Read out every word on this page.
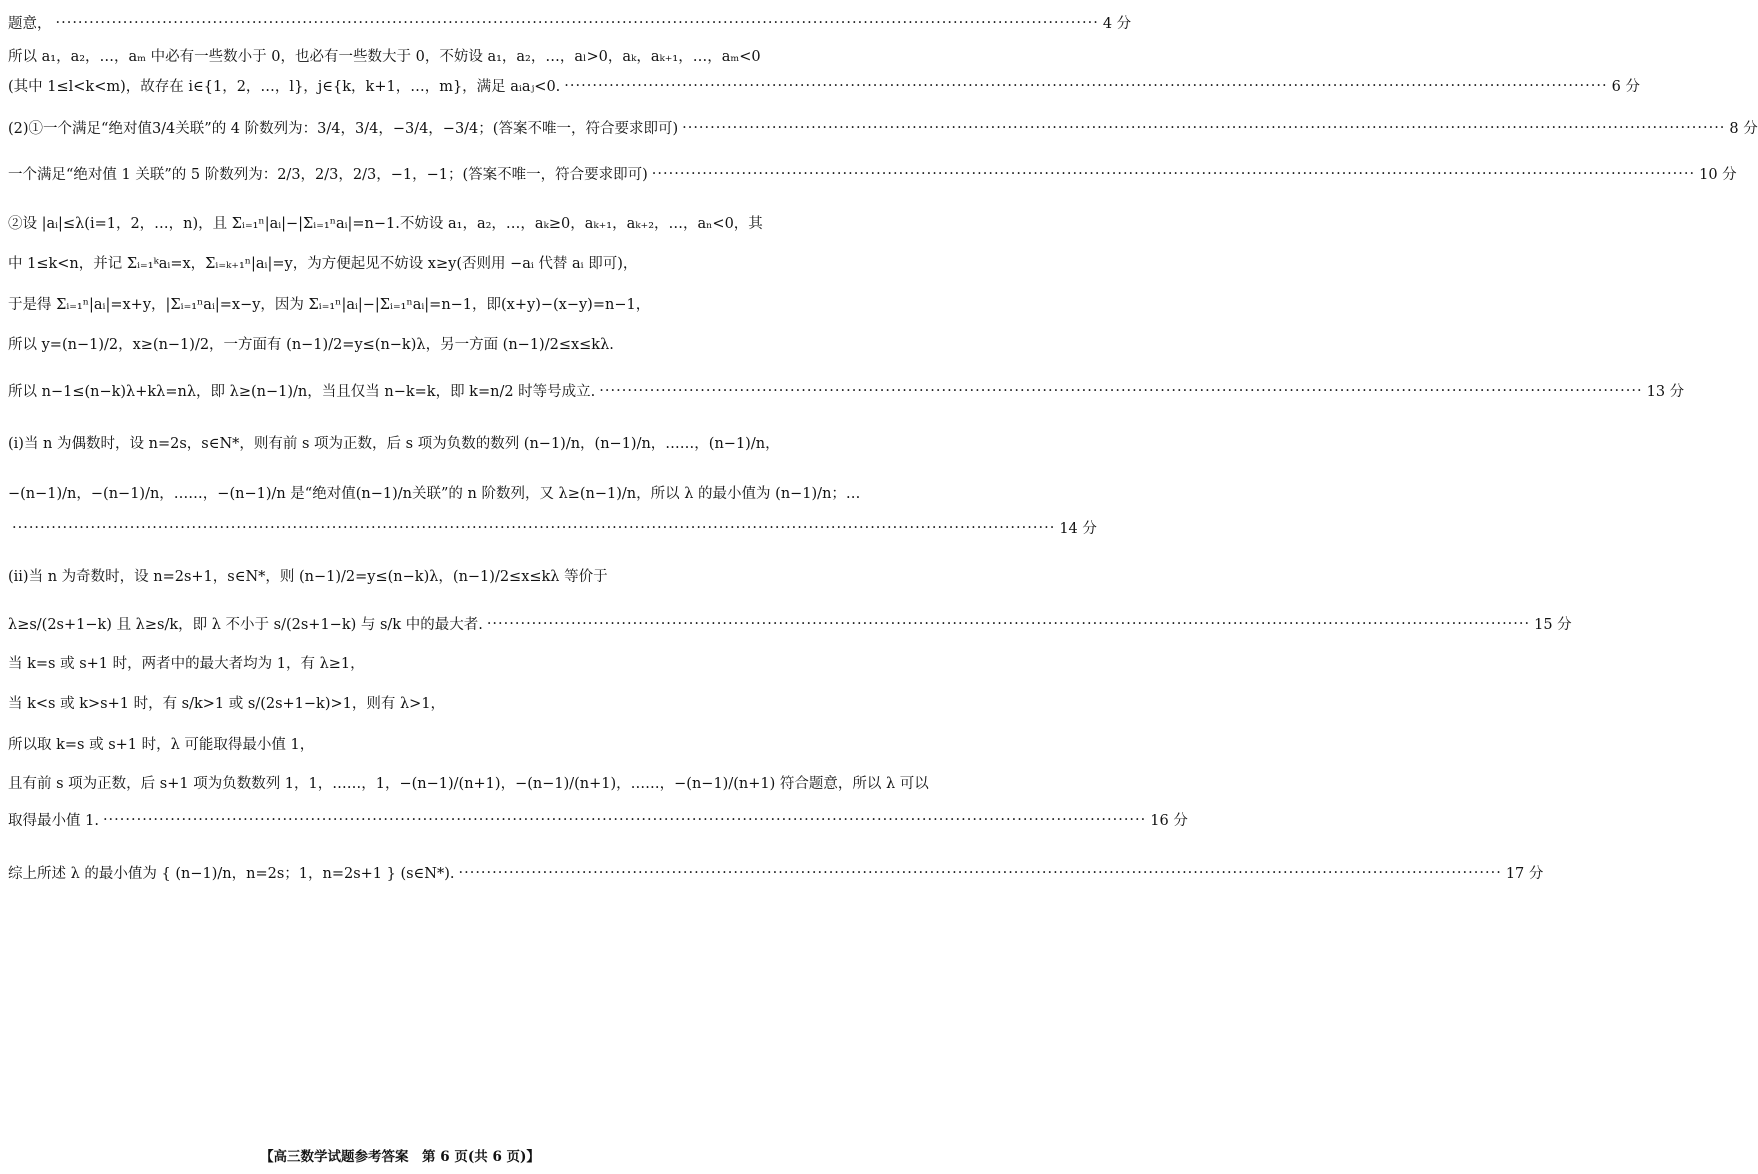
题意， ·····	4 分
所以 a₁，a₂，…，aₘ 中必有一些数小于 0，也必有一些数大于 0，不妨设 a₁，a₂，…，aₗ>0，aₖ，aₖ₊₁，…，aₘ<0
(其中 1≤l<k<m)，故存在 i∈{1，2，…，l}，j∈{k，k+1，…，m}，满足 aᵢaⱼ<0. ·····	6 分
(2)①一个满足“绝对值3/4关联”的 4 阶数列为：3/4，3/4，−3/4，−3/4；(答案不唯一，符合要求即可) ·····	8 分
一个满足“绝对值 1 关联”的 5 阶数列为：2/3，2/3，2/3，−1，−1；(答案不唯一，符合要求即可) ·····	10 分
②设 |aᵢ|≤λ(i=1，2，…，n)，且 Σᵢ₌₁ⁿ|aᵢ|−|Σᵢ₌₁ⁿaᵢ|=n−1.不妨设 a₁，a₂，…，aₖ≥0，aₖ₊₁，aₖ₊₂，…，aₙ<0，其
中 1≤k<n，并记 Σᵢ₌₁ᵏaᵢ=x，Σᵢ₌ₖ₊₁ⁿ|aᵢ|=y，为方便起见不妨设 x≥y(否则用 −aᵢ 代替 aᵢ 即可)，
于是得 Σᵢ₌₁ⁿ|aᵢ|=x+y，|Σᵢ₌₁ⁿaᵢ|=x−y，因为 Σᵢ₌₁ⁿ|aᵢ|−|Σᵢ₌₁ⁿaᵢ|=n−1，即(x+y)−(x−y)=n−1，
所以 y=(n−1)/2，x≥(n−1)/2，一方面有 (n−1)/2=y≤(n−k)λ，另一方面 (n−1)/2≤x≤kλ.
所以 n−1≤(n−k)λ+kλ=nλ，即 λ≥(n−1)/n，当且仅当 n−k=k，即 k=n/2 时等号成立. ·····	13 分
(i)当 n 为偶数时，设 n=2s，s∈N*，则有前 s 项为正数，后 s 项为负数的数列 (n−1)/n，(n−1)/n，……，(n−1)/n，
−(n−1)/n，−(n−1)/n，……，−(n−1)/n 是“绝对值(n−1)/n关联”的 n 阶数列，又 λ≥(n−1)/n，所以 λ 的最小值为 (n−1)/n；…
·····
14 分
(ii)当 n 为奇数时，设 n=2s+1，s∈N*，则 (n−1)/2=y≤(n−k)λ，(n−1)/2≤x≤kλ 等价于
λ≥s/(2s+1−k) 且 λ≥s/k，即 λ 不小于 s/(2s+1−k) 与 s/k 中的最大者. ·····	15 分
当 k=s 或 s+1 时，两者中的最大者均为 1，有 λ≥1，
当 k<s 或 k>s+1 时，有 s/k>1 或 s/(2s+1−k)>1，则有 λ>1，
所以取 k=s 或 s+1 时，λ 可能取得最小值 1，
且有前 s 项为正数，后 s+1 项为负数数列 1，1，……，1，−(n−1)/(n+1)，−(n−1)/(n+1)，……，−(n−1)/(n+1) 符合题意，所以 λ 可以
取得最小值 1. ·····	16 分
综上所述 λ 的最小值为 { (n−1)/n，n=2s；1，n=2s+1 } (s∈N*). ·····	17 分
【高三数学试题参考答案　第 6 页(共 6 页)】
